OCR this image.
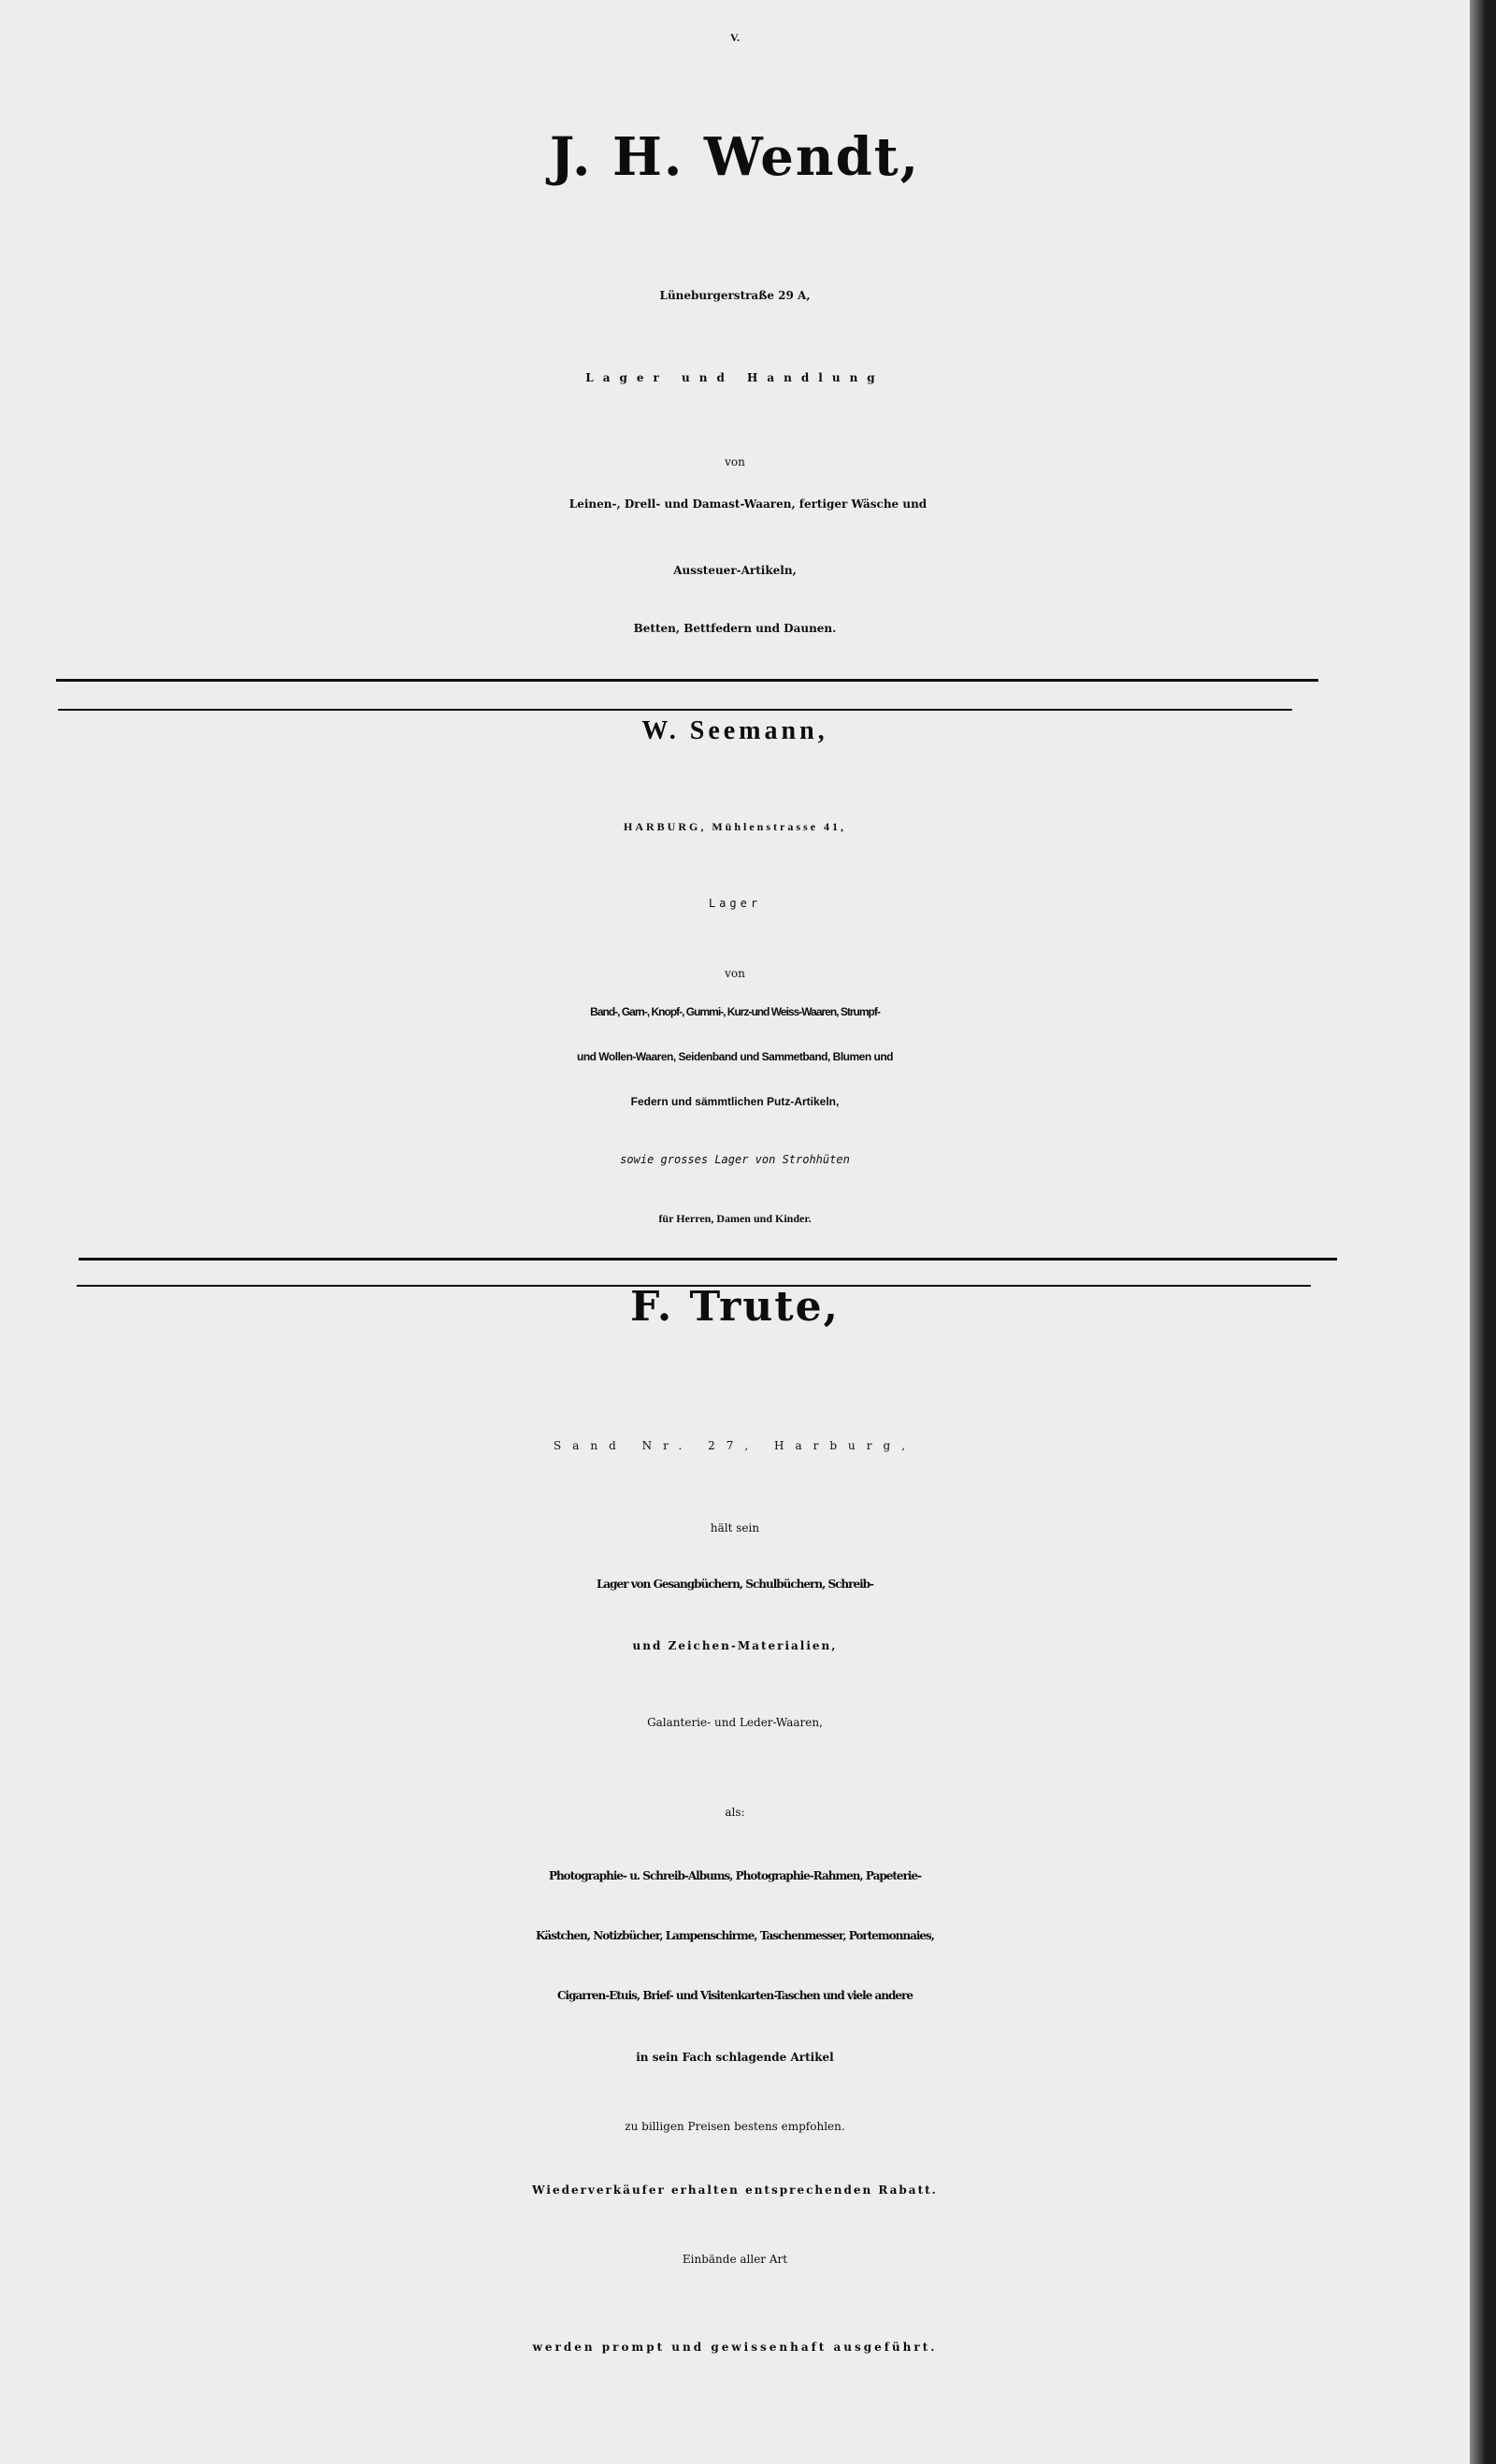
V.
J. H. Wendt,
Lüneburgerstraße 29 A,
Lager und Handlung
von
Leinen-, Drell- und Damast-Waaren, fertiger Wäsche und
Aussteuer-Artikeln,
Betten, Bettfedern und Daunen.
W. Seemann,
HARBURG, Mühlenstrasse 41,
Lager
von
Band-, Garn-, Knopf-, Gummi-, Kurz-und Weiss-Waaren, Strumpf-
und Wollen-Waaren, Seidenband und Sammetband, Blumen und
Federn und sämmtlichen Putz-Artikeln,
sowie grosses Lager von Strohhüten
für Herren, Damen und Kinder.
F. Trute,
Sand Nr. 27, Harburg,
hält sein
Lager von Gesangbüchern, Schulbüchern, Schreib-
und Zeichen-Materialien,
Galanterie- und Leder-Waaren,
als:
Photographie- u. Schreib-Albums, Photographie-Rahmen, Papeterie-
Kästchen, Notizbücher, Lampenschirme, Taschenmesser, Portemonnaies,
Cigarren-Etuis, Brief- und Visitenkarten-Taschen und viele andere
in sein Fach schlagende Artikel
zu billigen Preisen bestens empfohlen.
Wiederverkäufer erhalten entsprechenden Rabatt.
Einbände aller Art
werden prompt und gewissenhaft ausgeführt.
